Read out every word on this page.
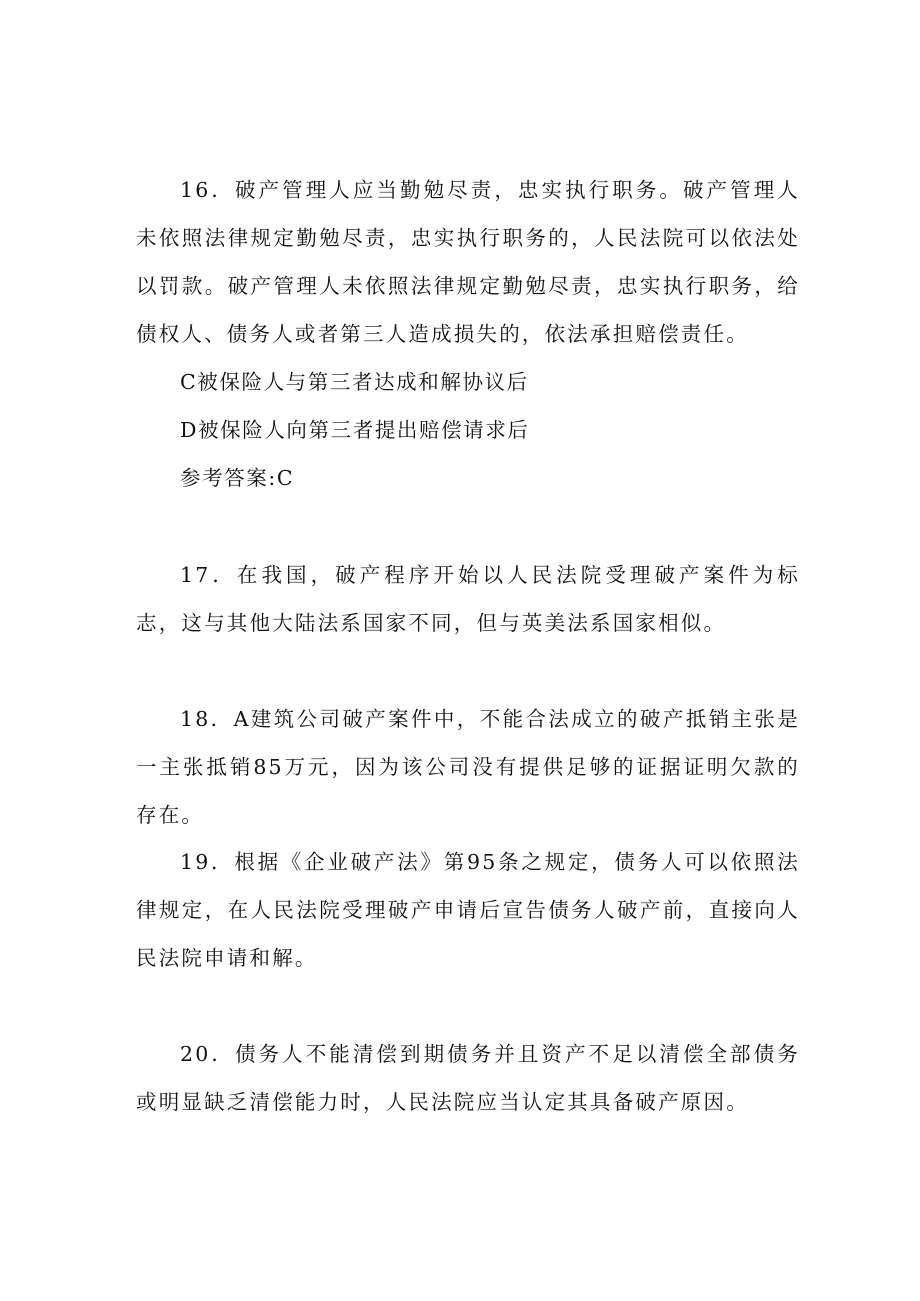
16．破产管理人应当勤勉尽责，忠实执行职务。破产管理人未依照法律规定勤勉尽责，忠实执行职务的，人民法院可以依法处以罚款。破产管理人未依照法律规定勤勉尽责，忠实执行职务，给债权人、债务人或者第三人造成损失的，依法承担赔偿责任。

C被保险人与第三者达成和解协议后

D被保险人向第三者提出赔偿请求后

参考答案:C

17．在我国，破产程序开始以人民法院受理破产案件为标志，这与其他大陆法系国家不同，但与英美法系国家相似。

18．A建筑公司破产案件中，不能合法成立的破产抵销主张是一主张抵销85万元，因为该公司没有提供足够的证据证明欠款的存在。

19．根据《企业破产法》第95条之规定，债务人可以依照法律规定，在人民法院受理破产申请后宣告债务人破产前，直接向人民法院申请和解。

20．债务人不能清偿到期债务并且资产不足以清偿全部债务或明显缺乏清偿能力时，人民法院应当认定其具备破产原因。
